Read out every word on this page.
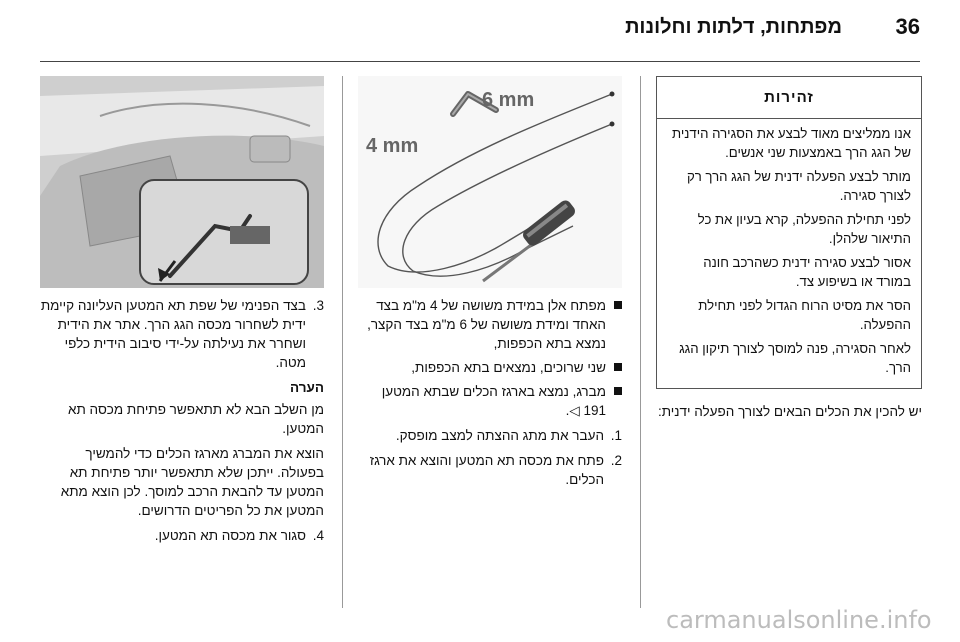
36
מפתחות, דלתות וחלונות
זהירות

אנו ממליצים מאוד לבצע את הסגירה הידנית של הגג הרך באמצעות שני אנשים.

מותר לבצע הפעלה ידנית של הגג הרך רק לצורך סגירה.

לפני תחילת ההפעלה, קרא בעיון את כל התיאור שלהלן.

אסור לבצע סגירה ידנית כשהרכב חונה במורד או בשיפוע צד.

הסר את מסיט הרוח הגדול לפני תחילת ההפעלה.

לאחר הסגירה, פנה למוסך לצורך תיקון הגג הרך.

יש להכין את הכלים הבאים לצורך הפעלה ידנית:
6 mm
4 mm
מפתח אלן במידת משושה של 4 מ"מ בצד האחד ומידת משושה של 6 מ"מ בצד הקצר, נמצא בתא הכפפות,
שני שרוכים, נמצאים בתא הכפפות,
מברג, נמצא בארגז הכלים שבתא המטען 191 ◁.
1.
העבר את מתג ההצתה למצב מופסק.
2.
פתח את מכסה תא המטען והוצא את ארגז הכלים.
3.
בצד הפנימי של שפת תא המטען העליונה קיימת ידית לשחרור מכסה הגג הרך. אתר את הידית ושחרר את נעילתה על-ידי סיבוב הידית כלפי מטה.
הערה

מן השלב הבא לא תתאפשר פתיחת מכסה תא המטען.

הוצא את המברג מארגז הכלים כדי להמשיך בפעולה. ייתכן שלא תתאפשר יותר פתיחת תא המטען עד להבאת הרכב למוסך. לכן הוצא מתא המטען את כל הפריטים הדרושים.

4.
סגור את מכסה תא המטען.
carmanualsonline.info
